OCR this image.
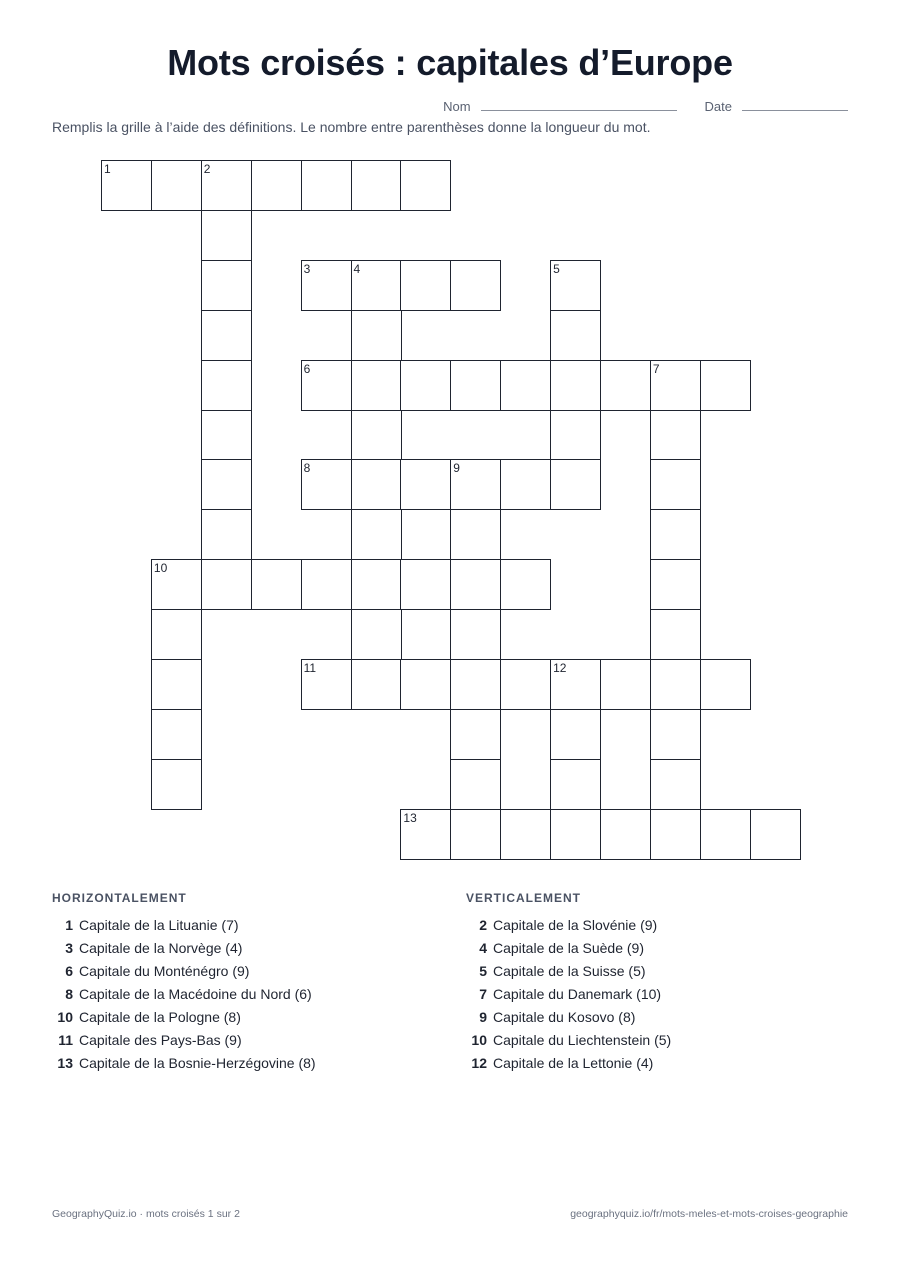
Mots croisés : capitales d’Europe
Nom	Date

Remplis la grille à l’aide des définitions. Le nombre entre parenthèses donne la longueur du mot.

1	2
3	4	5
6	7
8	9
10
11	12
13
HORIZONTALEMENT
1 Capitale de la Lituanie (7)
3 Capitale de la Norvège (4)
6 Capitale du Monténégro (9)
8 Capitale de la Macédoine du Nord (6)
10 Capitale de la Pologne (8)
11 Capitale des Pays-Bas (9)
13 Capitale de la Bosnie-Herzégovine (8)
VERTICALEMENT
2 Capitale de la Slovénie (9)
4 Capitale de la Suède (9)
5 Capitale de la Suisse (5)
7 Capitale du Danemark (10)
9 Capitale du Kosovo (8)
10 Capitale du Liechtenstein (5)
12 Capitale de la Lettonie (4)
GeographyQuiz.io · mots croisés 1 sur 2	geographyquiz.io/fr/mots-meles-et-mots-croises-geographie
